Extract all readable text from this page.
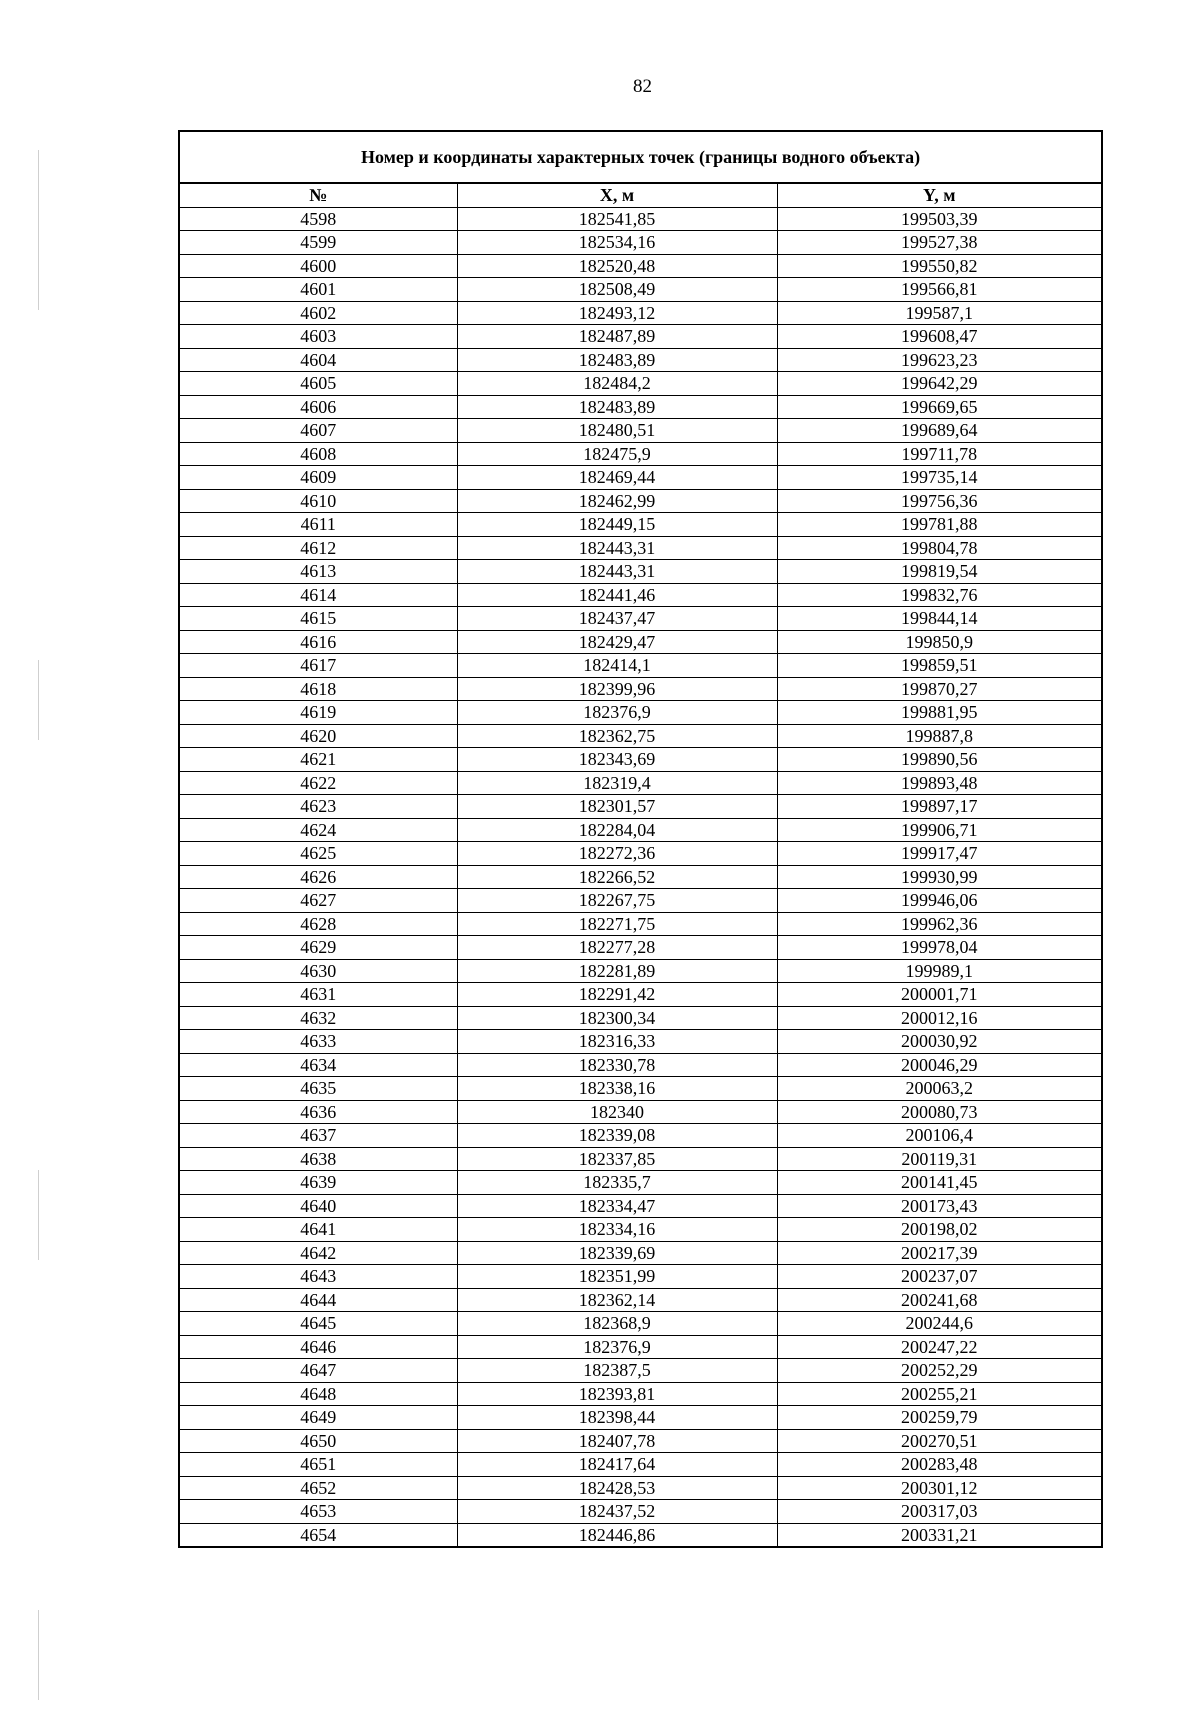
82
Номер и координаты характерных точек (границы водного объекта)		
№	X, м	Y, м
4598	182541,85	199503,39
4599	182534,16	199527,38
4600	182520,48	199550,82
4601	182508,49	199566,81
4602	182493,12	199587,1
4603	182487,89	199608,47
4604	182483,89	199623,23
4605	182484,2	199642,29
4606	182483,89	199669,65
4607	182480,51	199689,64
4608	182475,9	199711,78
4609	182469,44	199735,14
4610	182462,99	199756,36
4611	182449,15	199781,88
4612	182443,31	199804,78
4613	182443,31	199819,54
4614	182441,46	199832,76
4615	182437,47	199844,14
4616	182429,47	199850,9
4617	182414,1	199859,51
4618	182399,96	199870,27
4619	182376,9	199881,95
4620	182362,75	199887,8
4621	182343,69	199890,56
4622	182319,4	199893,48
4623	182301,57	199897,17
4624	182284,04	199906,71
4625	182272,36	199917,47
4626	182266,52	199930,99
4627	182267,75	199946,06
4628	182271,75	199962,36
4629	182277,28	199978,04
4630	182281,89	199989,1
4631	182291,42	200001,71
4632	182300,34	200012,16
4633	182316,33	200030,92
4634	182330,78	200046,29
4635	182338,16	200063,2
4636	182340	200080,73
4637	182339,08	200106,4
4638	182337,85	200119,31
4639	182335,7	200141,45
4640	182334,47	200173,43
4641	182334,16	200198,02
4642	182339,69	200217,39
4643	182351,99	200237,07
4644	182362,14	200241,68
4645	182368,9	200244,6
4646	182376,9	200247,22
4647	182387,5	200252,29
4648	182393,81	200255,21
4649	182398,44	200259,79
4650	182407,78	200270,51
4651	182417,64	200283,48
4652	182428,53	200301,12
4653	182437,52	200317,03
4654	182446,86	200331,21
